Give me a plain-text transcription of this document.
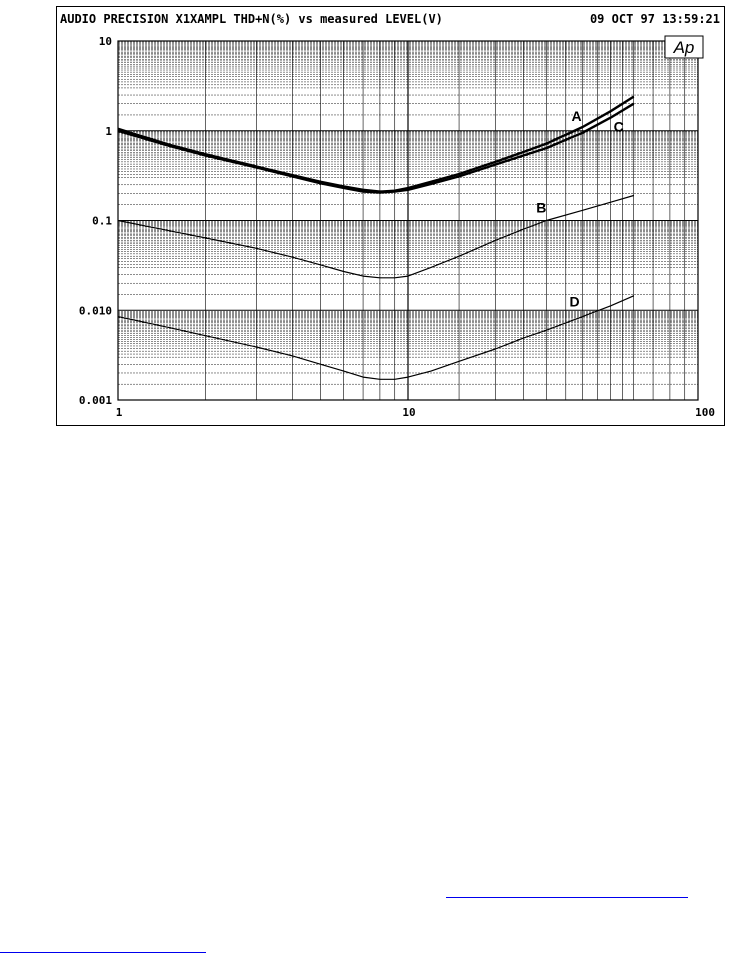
AUDIO PRECISION X1XAMPL THD+N(%) vs measured LEVEL(V)	09 OCT 97 13:59:21
10
1
0.1
0.010
0.001
1	10	100
A
C
B
D
Ap
